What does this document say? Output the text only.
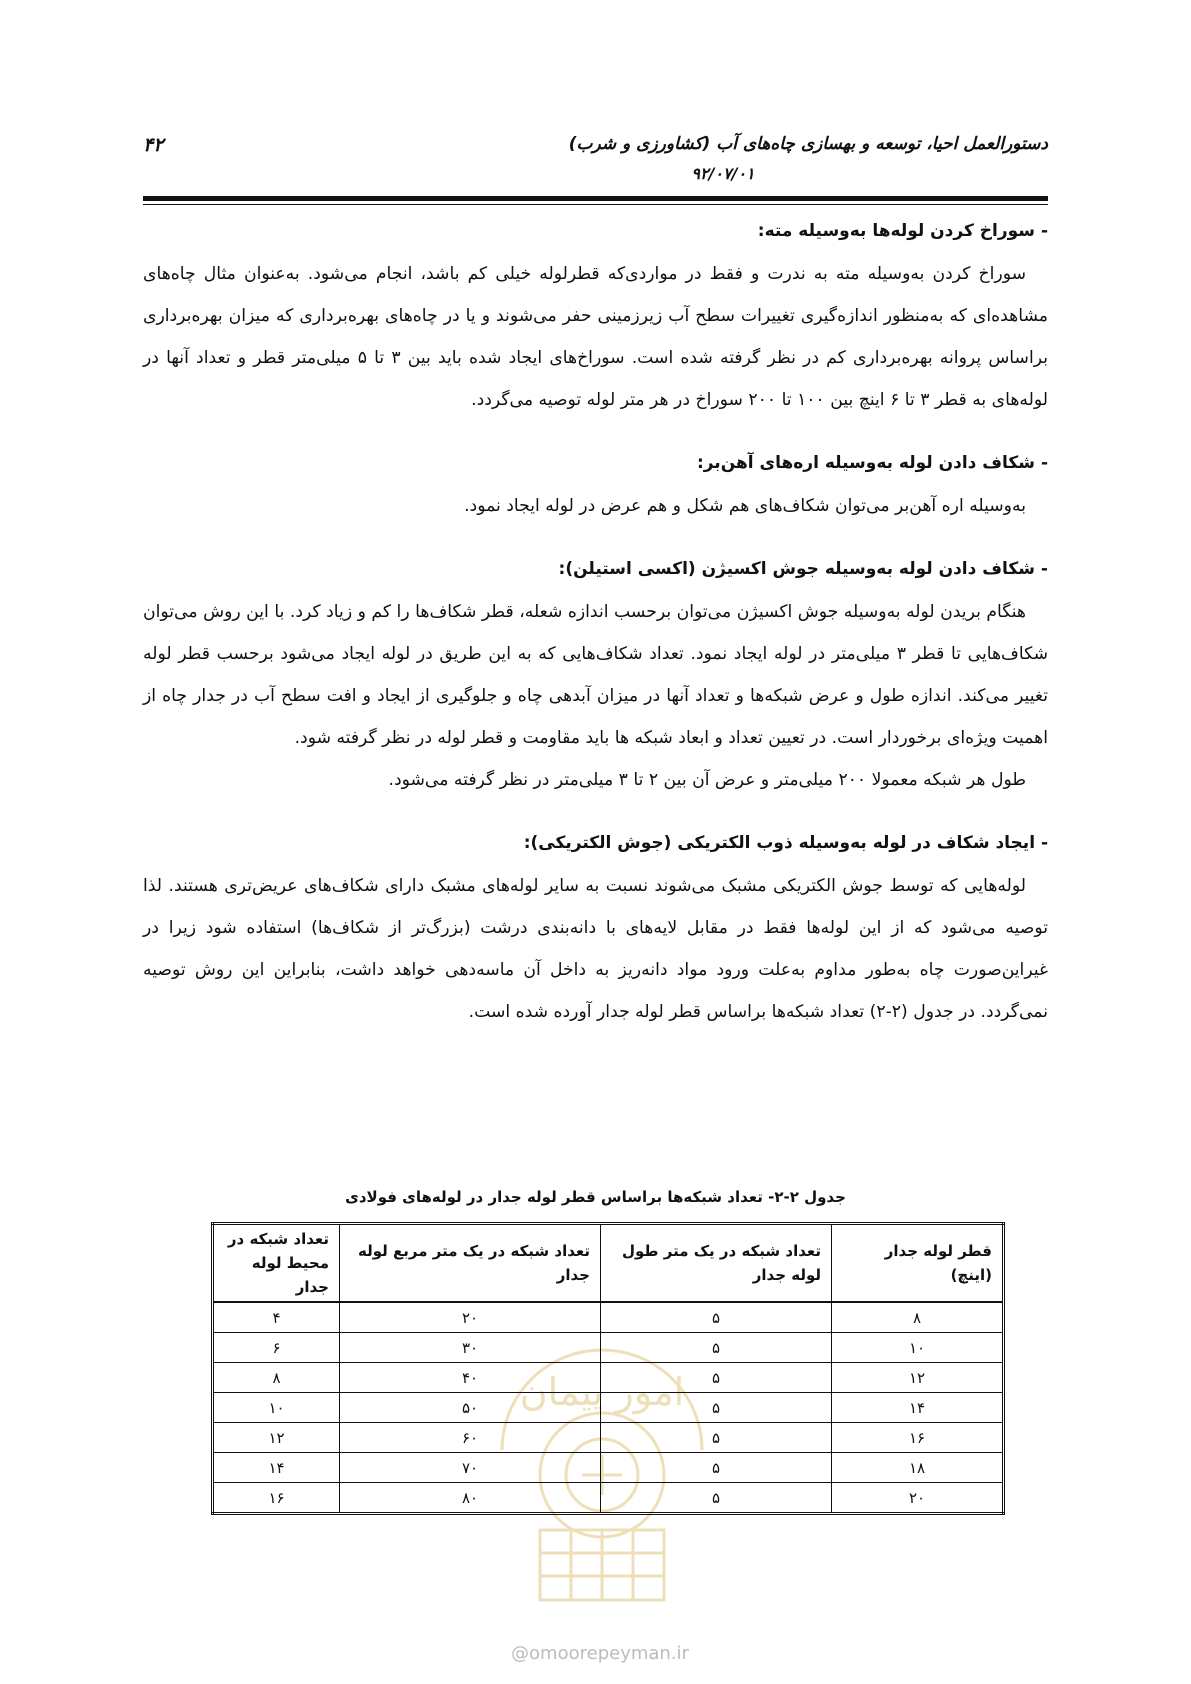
۴۲	دستورالعمل احیا، توسعه و بهسازی چاه‌های آب (کشاورزی و شرب)
۹۲/۰۷/۰۱
- سوراخ کردن لوله‌ها به‌وسیله مته:

سوراخ کردن به‌وسیله مته به ندرت و فقط در مواردی‌که قطرلوله خیلی کم باشد، انجام می‌شود. به‌عنوان مثال چاه‌های مشاهده‌ای که به‌منظور اندازه‌گیری تغییرات سطح آب زیرزمینی حفر می‌شوند و یا در چاه‌های بهره‌برداری که میزان بهره‌برداری براساس پروانه بهره‌برداری کم در نظر گرفته شده است. سوراخ‌های ایجاد شده باید بین ۳ تا ۵ میلی‌متر قطر و تعداد آنها در لوله‌های به قطر ۳ تا ۶ اینچ بین ۱۰۰ تا ۲۰۰ سوراخ در هر متر لوله توصیه می‌گردد.

- شکاف دادن لوله به‌وسیله اره‌های آهن‌بر:

به‌وسیله اره آهن‌بر می‌توان شکاف‌های هم شکل و هم عرض در لوله ایجاد نمود.

- شکاف دادن لوله به‌وسیله جوش اکسیژن (اکسی استیلن):

هنگام بریدن لوله به‌وسیله جوش اکسیژن می‌توان برحسب اندازه شعله، قطر شکاف‌ها را کم و زیاد کرد. با این روش می‌توان شکاف‌هایی تا قطر ۳ میلی‌متر در لوله ایجاد نمود. تعداد شکاف‌هایی که به این طریق در لوله ایجاد می‌شود برحسب قطر لوله تغییر می‌کند. اندازه طول و عرض شبکه‌ها و تعداد آنها در میزان آبدهی چاه و جلوگیری از ایجاد و افت سطح آب در جدار چاه از اهمیت ویژه‌ای برخوردار است. در تعیین تعداد و ابعاد شبکه ها باید مقاومت و قطر لوله در نظر گرفته شود.

طول هر شبکه معمولا ۲۰۰ میلی‌متر و عرض آن بین ۲ تا ۳ میلی‌متر در نظر گرفته می‌شود.

- ایجاد شکاف در لوله به‌وسیله ذوب الکتریکی (جوش الکتریکی):

لوله‌هایی که توسط جوش الکتریکی مشبک می‌شوند نسبت به سایر لوله‌های مشبک دارای شکاف‌های عریض‌تری هستند. لذا توصیه می‌شود که از این لوله‌ها فقط در مقابل لایه‌های با دانه‌بندی درشت (بزرگ‌تر از شکاف‌ها) استفاده شود زیرا در غیراین‌صورت چاه به‌طور مداوم به‌علت ورود مواد دانه‌ریز به داخل آن ماسه‌دهی خواهد داشت، بنابراین این روش توصیه نمی‌گردد. در جدول (۲-۲) تعداد شبکه‌ها براساس قطر لوله جدار آورده شده است.

جدول ۲-۲- تعداد شبکه‌ها براساس قطر لوله جدار در لوله‌های فولادی
قطر لوله جدار (اینچ)	تعداد شبکه در یک متر طول لوله جدار	تعداد شبکه در یک متر مربع لوله جدار	تعداد شبکه در محیط لوله جدار
۸	۵	۲۰	۴
۱۰	۵	۳۰	۶
۱۲	۵	۴۰	۸
۱۴	۵	۵۰	۱۰
۱۶	۵	۶۰	۱۲
۱۸	۵	۷۰	۱۴
۲۰	۵	۸۰	۱۶
امور پیمان
@omoorepeyman.ir
